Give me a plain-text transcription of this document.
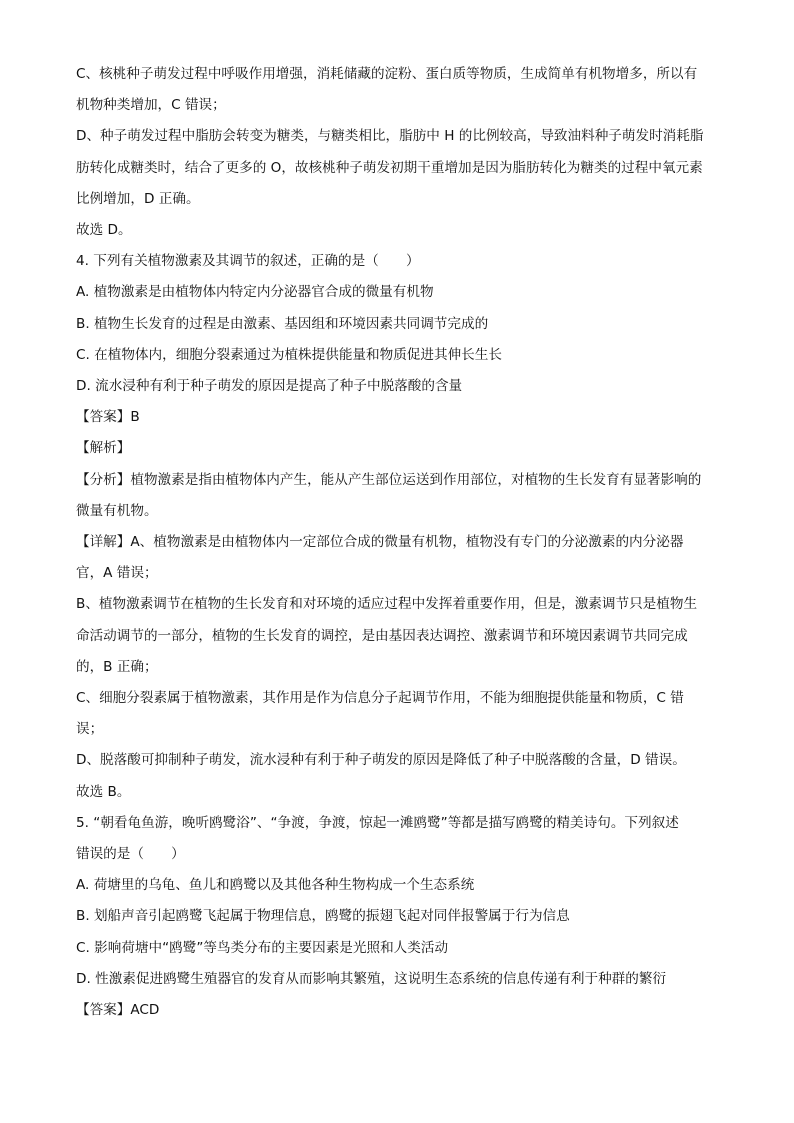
C、核桃种子萌发过程中呼吸作用增强，消耗储藏的淀粉、蛋白质等物质，生成简单有机物增多，所以有

机物种类增加，C 错误；

D、种子萌发过程中脂肪会转变为糖类，与糖类相比，脂肪中 H 的比例较高，导致油料种子萌发时消耗脂

肪转化成糖类时，结合了更多的 O，故核桃种子萌发初期干重增加是因为脂肪转化为糖类的过程中氧元素

比例增加，D 正确。

故选 D。

4. 下列有关植物激素及其调节的叙述，正确的是（　　）

A. 植物激素是由植物体内特定内分泌器官合成的微量有机物

B. 植物生长发育的过程是由激素、基因组和环境因素共同调节完成的

C. 在植物体内，细胞分裂素通过为植株提供能量和物质促进其伸长生长

D. 流水浸种有利于种子萌发的原因是提高了种子中脱落酸的含量

【答案】B

【解析】

【分析】植物激素是指由植物体内产生，能从产生部位运送到作用部位，对植物的生长发育有显著影响的

微量有机物。

【详解】A、植物激素是由植物体内一定部位合成的微量有机物，植物没有专门的分泌激素的内分泌器

官，A 错误；

B、植物激素调节在植物的生长发育和对环境的适应过程中发挥着重要作用，但是，激素调节只是植物生

命活动调节的一部分，植物的生长发育的调控，是由基因表达调控、激素调节和环境因素调节共同完成

的，B 正确；

C、细胞分裂素属于植物激素，其作用是作为信息分子起调节作用，不能为细胞提供能量和物质，C 错

误；

D、脱落酸可抑制种子萌发，流水浸种有利于种子萌发的原因是降低了种子中脱落酸的含量，D 错误。

故选 B。

5. “朝看龟鱼游，晚听鸥鹭浴”、“争渡，争渡，惊起一滩鸥鹭”等都是描写鸥鹭的精美诗句。下列叙述

错误的是（　　）

A. 荷塘里的乌龟、鱼儿和鸥鹭以及其他各种生物构成一个生态系统

B. 划船声音引起鸥鹭飞起属于物理信息，鸥鹭的振翅飞起对同伴报警属于行为信息

C. 影响荷塘中“鸥鹭”等鸟类分布的主要因素是光照和人类活动

D. 性激素促进鸥鹭生殖器官的发育从而影响其繁殖，这说明生态系统的信息传递有利于种群的繁衍

【答案】ACD
